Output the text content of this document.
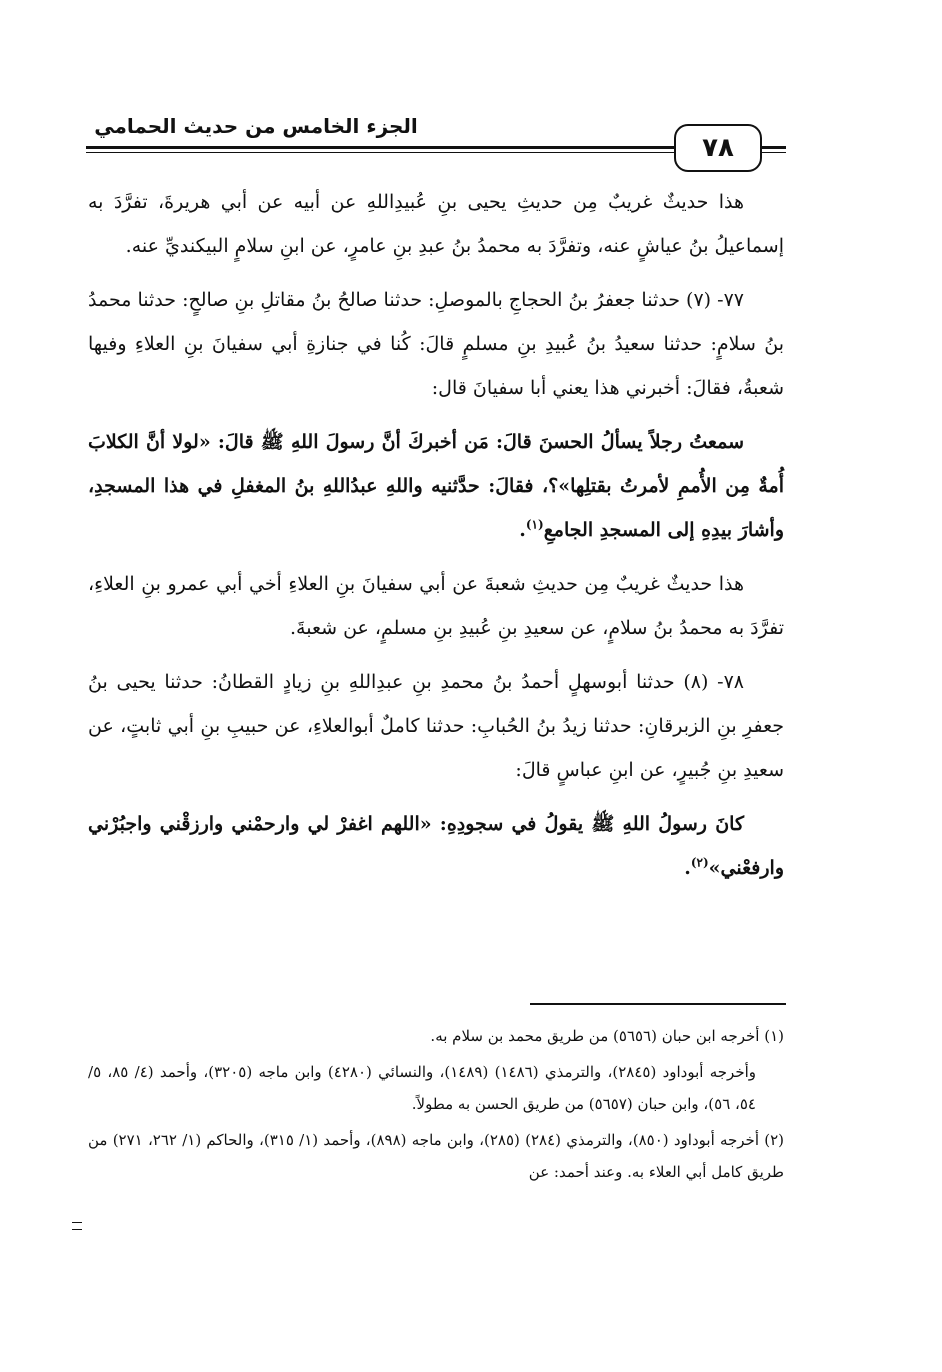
الجزء الخامس من حديث الحمامي
٧٨

هذا حديثٌ غريبٌ مِن حديثِ يحيى بنِ عُبيدِاللهِ عن أبيه عن أبي هريرةَ، تفرَّدَ به إسماعيلُ بنُ عياشٍ عنه، وتفرَّدَ به محمدُ بنُ عبدِ بنِ عامرٍ، عن ابنِ سلامٍ البيكنديِّ عنه.

٧٧- (٧) حدثنا جعفرُ بنُ الحجاجِ بالموصلِ: حدثنا صالحُ بنُ مقاتلِ بنِ صالحٍ: حدثنا محمدُ بنُ سلامٍ: حدثنا سعيدُ بنُ عُبيدِ بنِ مسلمٍ قالَ: كُنا في جنازةِ أبي سفيانَ بنِ العلاءِ وفيها شعبةُ، فقالَ: أخبرني هذا يعني أبا سفيانَ قال:

سمعتُ رجلاً يسألُ الحسنَ قالَ: مَن أخبركَ أنَّ رسولَ اللهِ ﷺ قالَ: «لولا أنَّ الكلابَ أُمةٌ مِن الأُممِ لأمرتُ بقتلِها»؟، فقالَ: حدَّثنيه واللهِ عبدُاللهِ بنُ المغفلِ في هذا المسجدِ، وأشارَ بيدِهِ إلى المسجدِ الجامعِ$^{(١)}$.

هذا حديثٌ غريبٌ مِن حديثِ شعبةَ عن أبي سفيانَ بنِ العلاءِ أخي أبي عمرو بنِ العلاءِ، تفرَّدَ به محمدُ بنُ سلامٍ، عن سعيدِ بنِ عُبيدِ بنِ مسلمٍ، عن شعبةَ.

٧٨- (٨) حدثنا أبوسهلٍ أحمدُ بنُ محمدِ بنِ عبدِاللهِ بنِ زيادٍ القطانُ: حدثنا يحيى بنُ جعفرِ بنِ الزبرقانِ: حدثنا زيدُ بنُ الحُبابِ: حدثنا كاملٌ أبوالعلاءِ، عن حبيبِ بنِ أبي ثابتٍ، عن سعيدِ بنِ جُبيرٍ، عن ابنِ عباسٍ قالَ:

كانَ رسولُ اللهِ ﷺ يقولُ في سجودِهِ: «اللهم اغفرْ لي وارحمْني وارزقْني واجبُرْني وارفعْني»$^{(٢)}$.

(١) أخرجه ابن حبان (٥٦٥٦) من طريق محمد بن سلام به.

وأخرجه أبوداود (٢٨٤٥)، والترمذي (١٤٨٦) (١٤٨٩)، والنسائي (٤٢٨٠) وابن ماجه (٣٢٠٥)، وأحمد (٤/ ٨٥، ٥/ ٥٤، ٥٦)، وابن حبان (٥٦٥٧) من طريق الحسن به مطولاً.

(٢) أخرجه أبوداود (٨٥٠)، والترمذي (٢٨٤) (٢٨٥)، وابن ماجه (٨٩٨)، وأحمد (١/ ٣١٥)، والحاكم (١/ ٢٦٢، ٢٧١) من طريق كامل أبي العلاء به. وعند أحمد: عن
